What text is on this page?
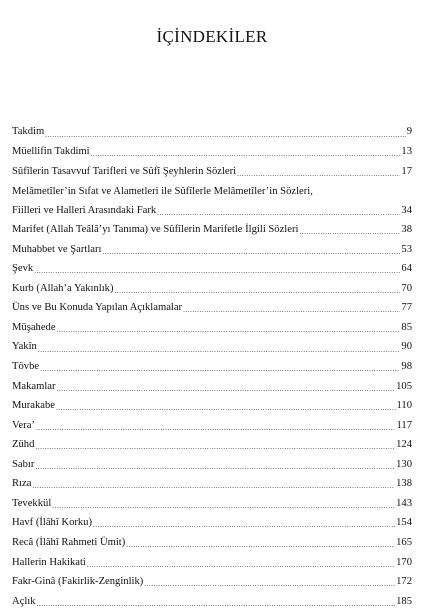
İÇİNDEKİLER
Takdim .....	9
Müellifin Takdimi .....	13
Sûfîlerin Tasavvuf Tarifleri ve Sûfî Şeyhlerin Sözleri .....	17
Melâmetîler’in Sıfat ve Alametleri ile Sûfîlerle Melâmetîler’in Sözleri,
Fiilleri ve Halleri Arasındaki Fark .....	34
Marifet (Allah Teâlâ’yı Tanıma) ve Sûfîlerin Marifetle İlgili Sözleri .....	38
Muhabbet ve Şartları .....	53
Şevk .....	64
Kurb (Allah’a Yakınlık) .....	70
Üns ve Bu Konuda Yapılan Açıklamalar .....	77
Müşahede .....	85
Yakîn .....	90
Tövbe .....	98
Makamlar .....	105
Murakabe .....	110
Vera’ .....	117
Zühd .....	124
Sabır .....	130
Rıza .....	138
Tevekkül .....	143
Havf (İlâhî Korku) .....	154
Recâ (İlâhî Rahmeti Ümit) .....	165
Hallerin Hakikati .....	170
Fakr-Ginâ (Fakirlik-Zenginlik) .....	172
Açlık .....	185
